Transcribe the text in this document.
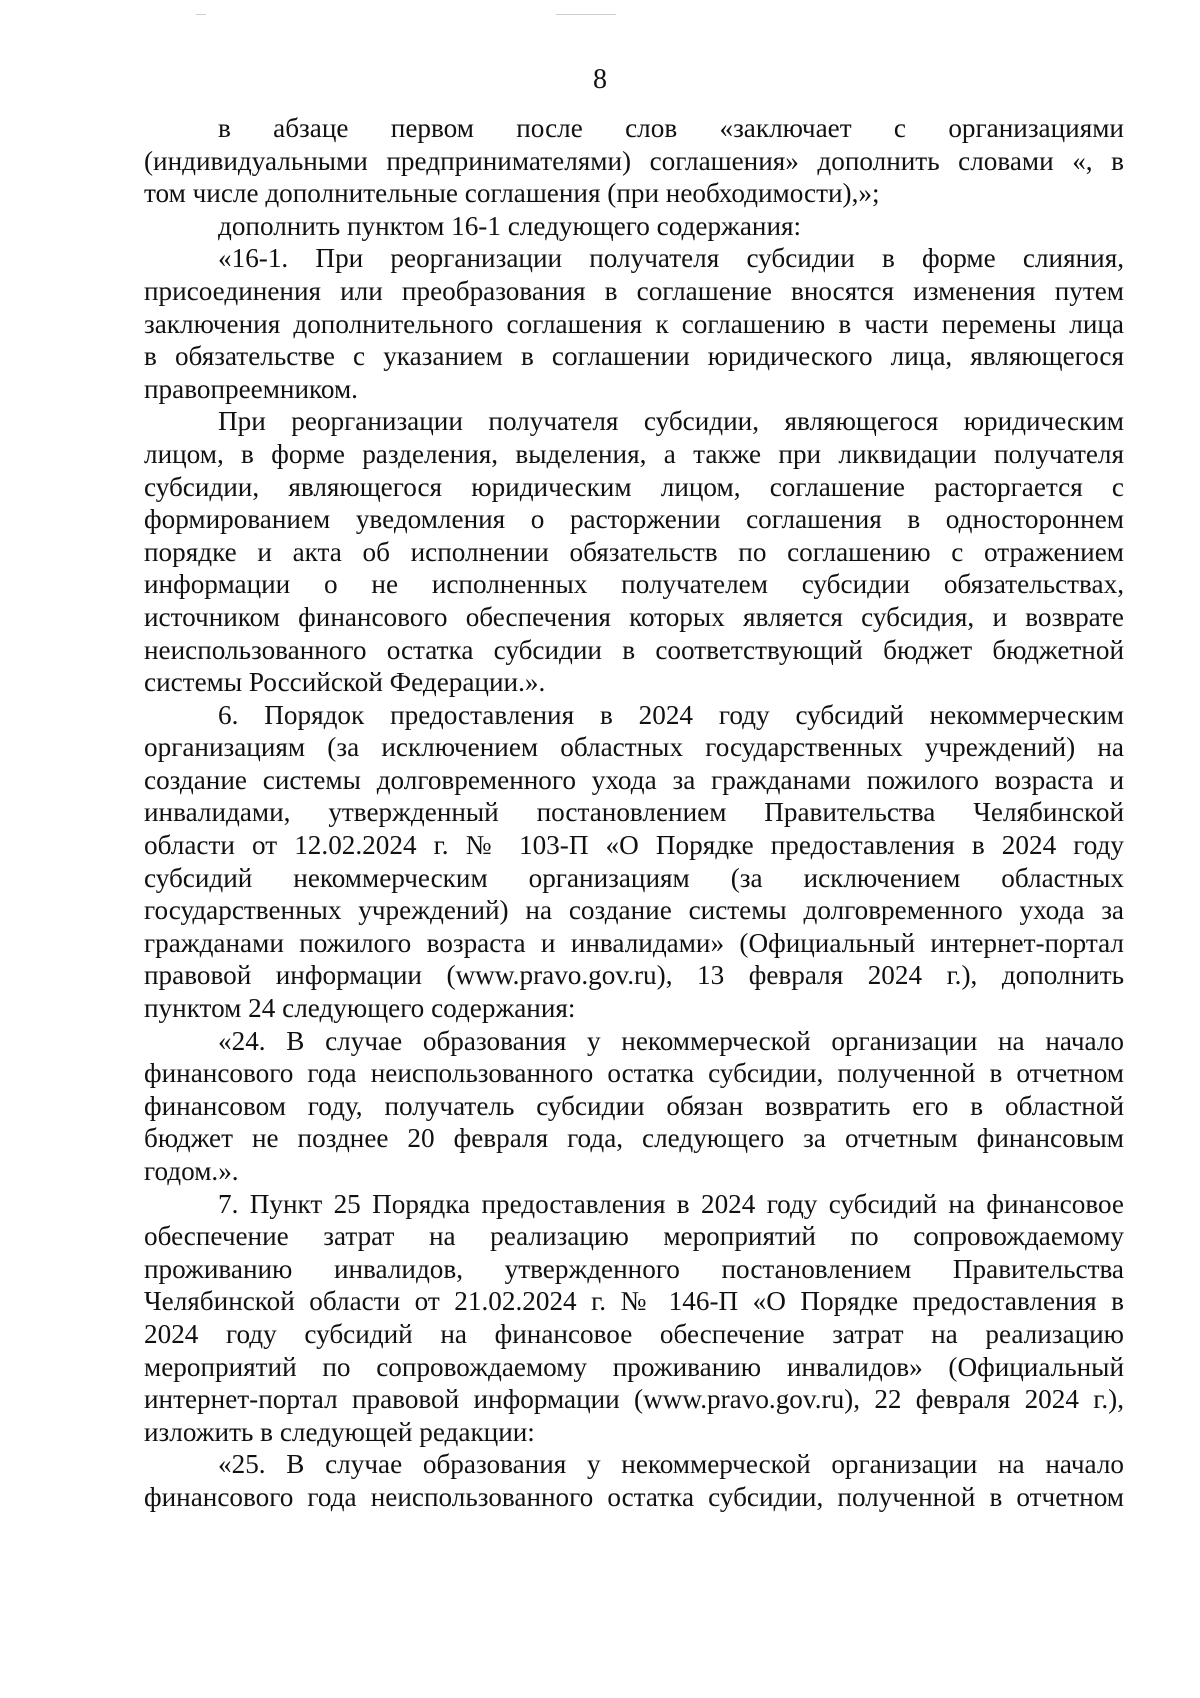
8
в абзаце первом после слов «заключает с организациями
(индивидуальными предпринимателями) соглашения» дополнить словами «, в
том числе дополнительные соглашения (при необходимости),»;
дополнить пунктом 16-1 следующего содержания:
«16-1. При реорганизации получателя субсидии в форме слияния,
присоединения или преобразования в соглашение вносятся изменения путем
заключения дополнительного соглашения к соглашению в части перемены лица
в обязательстве с указанием в соглашении юридического лица, являющегося
правопреемником.
При реорганизации получателя субсидии, являющегося юридическим
лицом, в форме разделения, выделения, а также при ликвидации получателя
субсидии, являющегося юридическим лицом, соглашение расторгается с
формированием уведомления о расторжении соглашения в одностороннем
порядке и акта об исполнении обязательств по соглашению с отражением
информации о не исполненных получателем субсидии обязательствах,
источником финансового обеспечения которых является субсидия, и возврате
неиспользованного остатка субсидии в соответствующий бюджет бюджетной
системы Российской Федерации.».
6. Порядок предоставления в 2024 году субсидий некоммерческим
организациям (за исключением областных государственных учреждений) на
создание системы долговременного ухода за гражданами пожилого возраста и
инвалидами, утвержденный постановлением Правительства Челябинской
области от 12.02.2024 г. № 103-П «О Порядке предоставления в 2024 году
субсидий некоммерческим организациям (за исключением областных
государственных учреждений) на создание системы долговременного ухода за
гражданами пожилого возраста и инвалидами» (Официальный интернет-портал
правовой информации (www.pravo.gov.ru), 13 февраля 2024 г.), дополнить
пунктом 24 следующего содержания:
«24. В случае образования у некоммерческой организации на начало
финансового года неиспользованного остатка субсидии, полученной в отчетном
финансовом году, получатель субсидии обязан возвратить его в областной
бюджет не позднее 20 февраля года, следующего за отчетным финансовым
годом.».
7. Пункт 25 Порядка предоставления в 2024 году субсидий на финансовое
обеспечение затрат на реализацию мероприятий по сопровождаемому
проживанию инвалидов, утвержденного постановлением Правительства
Челябинской области от 21.02.2024 г. № 146-П «О Порядке предоставления в
2024 году субсидий на финансовое обеспечение затрат на реализацию
мероприятий по сопровождаемому проживанию инвалидов» (Официальный
интернет-портал правовой информации (www.pravo.gov.ru), 22 февраля 2024 г.),
изложить в следующей редакции:
«25. В случае образования у некоммерческой организации на начало
финансового года неиспользованного остатка субсидии, полученной в отчетном
